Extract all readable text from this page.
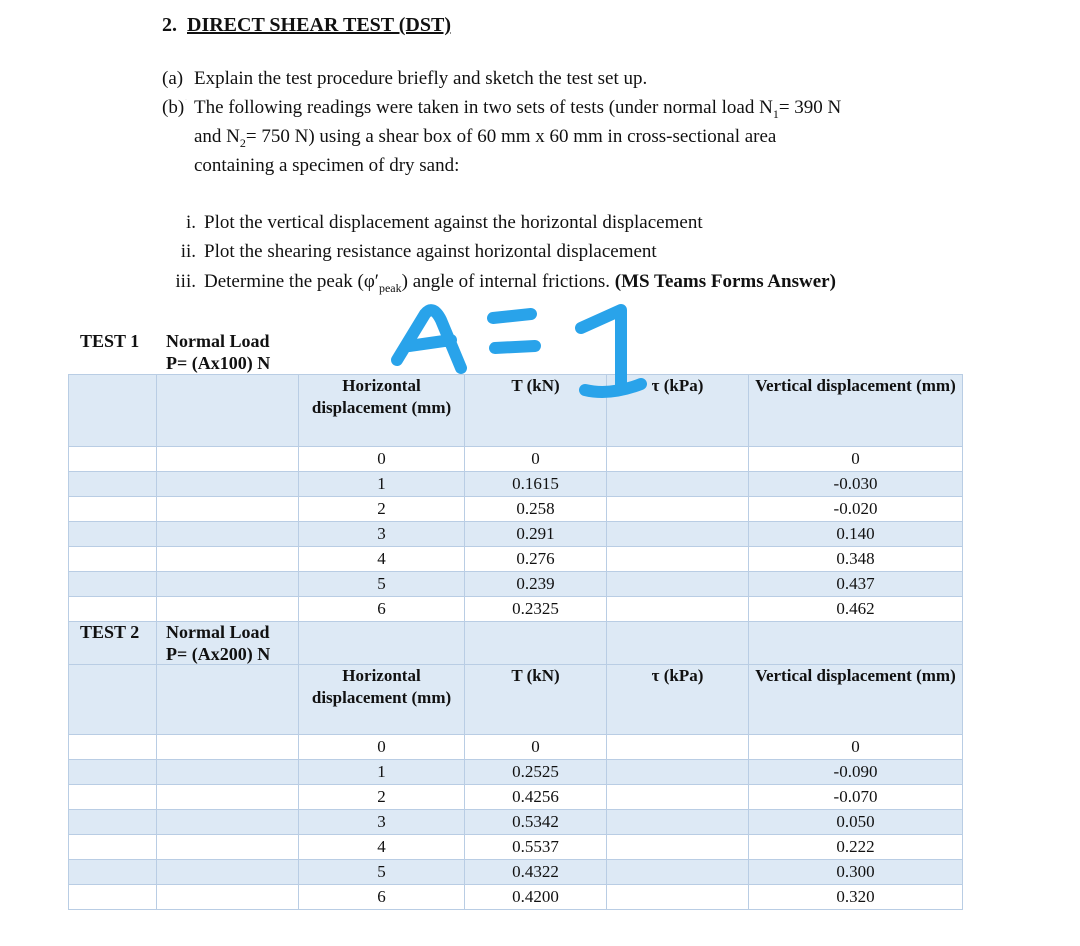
2. DIRECT SHEAR TEST (DST)
(a) Explain the test procedure briefly and sketch the test set up.
(b) The following readings were taken in two sets of tests (under normal load $N_1= 390$ N
and $N_2= 750$ N) using a shear box of 60 mm x 60 mm in cross-sectional area
containing a specimen of dry sand:
i. Plot the vertical displacement against the horizontal displacement
ii. Plot the shearing resistance against horizontal displacement
iii. Determine the peak $(\varphi'_{peak})$ angle of internal frictions. (MS Teams Forms Answer)
TEST 1 Normal Load
P= (Ax100) N
		Horizontal displacement (mm)	T (kN)	τ (kPa)	Vertical displacement (mm)
		0	0		0
		1	0.1615		-0.030
		2	0.258		-0.020
		3	0.291		0.140
		4	0.276		0.348
		5	0.239		0.437
		6	0.2325		0.462

TEST 2 Normal Load
P= (Ax200) N
		Horizontal displacement (mm)	T (kN)	τ (kPa)	Vertical displacement (mm)
		0	0		0
		1	0.2525		-0.090
		2	0.4256		-0.070
		3	0.5342		0.050
		4	0.5537		0.222
		5	0.4322		0.300
		6	0.4200		0.320
A=1
